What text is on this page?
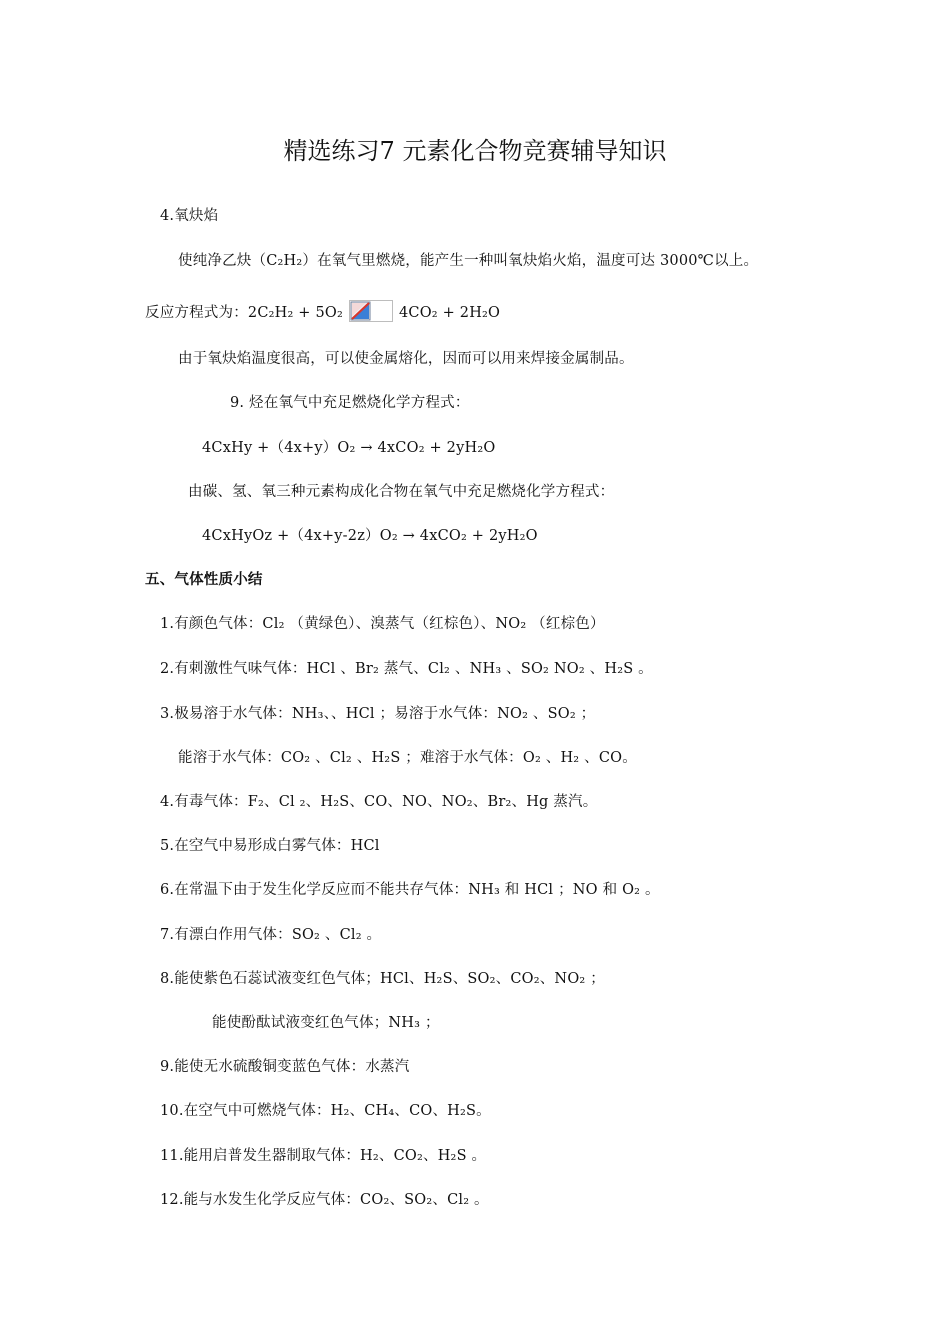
精选练习7 元素化合物竞赛辅导知识
4.氧炔焰
使纯净乙炔（C₂H₂）在氧气里燃烧，能产生一种叫氧炔焰火焰，温度可达 3000℃以上。
反应方程式为：2C₂H₂ + 5O₂	4CO₂ + 2H₂O
由于氧炔焰温度很高，可以使金属熔化，因而可以用来焊接金属制品。
9. 烃在氧气中充足燃烧化学方程式：
4CxHy +（4x+y）O₂ → 4xCO₂ + 2yH₂O
由碳、氢、氧三种元素构成化合物在氧气中充足燃烧化学方程式：
4CxHyOz +（4x+y-2z）O₂ → 4xCO₂ + 2yH₂O
五、气体性质小结
1.有颜色气体：Cl₂ （黄绿色）、溴蒸气（红棕色）、NO₂ （红棕色）
2.有刺激性气味气体：HCl 、Br₂ 蒸气、Cl₂ 、NH₃ 、SO₂ NO₂ 、H₂S 。
3.极易溶于水气体：NH₃、、HCl ；易溶于水气体：NO₂ 、SO₂ ；
能溶于水气体：CO₂ 、Cl₂ 、H₂S ；难溶于水气体：O₂ 、H₂ 、CO。
4.有毒气体：F₂、Cl ₂、H₂S、CO、NO、NO₂、Br₂、Hg 蒸汽。
5.在空气中易形成白雾气体：HCl
6.在常温下由于发生化学反应而不能共存气体：NH₃ 和 HCl ；NO 和 O₂ 。
7.有漂白作用气体：SO₂ 、Cl₂ 。
8.能使紫色石蕊试液变红色气体；HCl、H₂S、SO₂、CO₂、NO₂ ；
能使酚酞试液变红色气体；NH₃ ；
9.能使无水硫酸铜变蓝色气体：水蒸汽
10.在空气中可燃烧气体：H₂、CH₄、CO、H₂S。
11.能用启普发生器制取气体：H₂、CO₂、H₂S 。
12.能与水发生化学反应气体：CO₂、SO₂、Cl₂ 。
